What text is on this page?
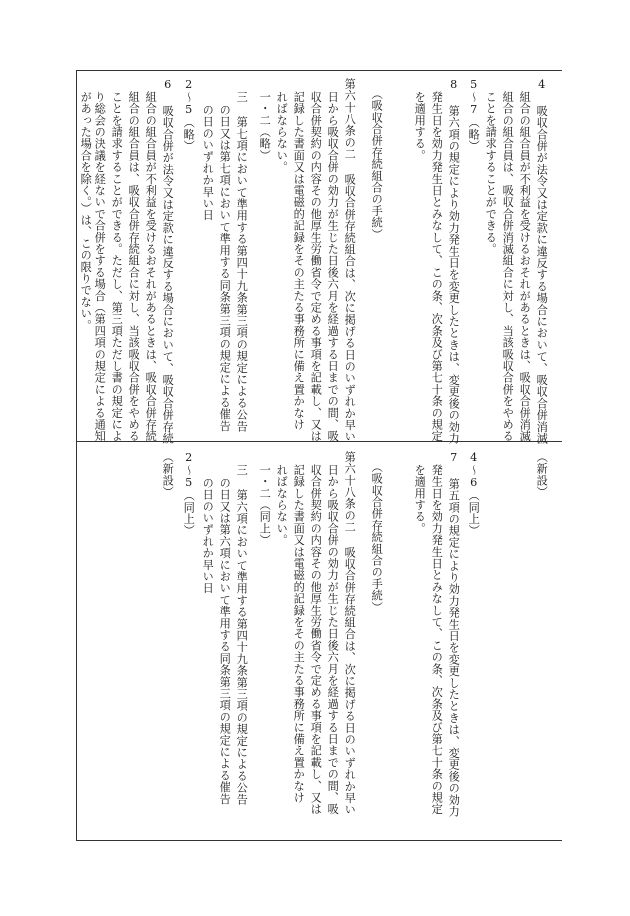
4 吸収合併が法令又は定款に違反する場合において、吸収合併消滅
組合の組合員が不利益を受けるおそれがあるときは、吸収合併消滅
組合の組合員は、吸収合併消滅組合に対し、当該吸収合併をやめる
ことを請求することができる。
5～7（略）
8 第六項の規定により効力発生日を変更したときは、変更後の効力
発生日を効力発生日とみなして、この条、次条及び第七十条の規定
を適用する。
（吸収合併存続組合の手続）
第六十八条の二 吸収合併存続組合は、次に掲げる日のいずれか早い
日から吸収合併の効力が生じた日後六月を経過する日までの間、吸
収合併契約の内容その他厚生労働省令で定める事項を記載し、又は
記録した書面又は電磁的記録をその主たる事務所に備え置かなけ
ればならない。
一・二（略）
三 第七項において準用する第四十九条第三項の規定による公告
の日又は第七項において準用する同条第三項の規定による催告
の日のいずれか早い日
2～5（略）
6 吸収合併が法令又は定款に違反する場合において、吸収合併存続
組合の組合員が不利益を受けるおそれがあるときは、吸収合併存続
組合の組合員は、吸収合併存続組合に対し、当該吸収合併をやめる
ことを請求することができる。ただし、第三項ただし書の規定によ
り総会の決議を経ないで合併をする場合（第四項の規定による通知
があった場合を除く。）は、この限りでない。
（新設）
4～6（同上）
7 第五項の規定により効力発生日を変更したときは、変更後の効力
発生日を効力発生日とみなして、この条、次条及び第七十条の規定
を適用する。
（吸収合併存続組合の手続）
第六十八条の二 吸収合併存続組合は、次に掲げる日のいずれか早い
日から吸収合併の効力が生じた日後六月を経過する日までの間、吸
収合併契約の内容その他厚生労働省令で定める事項を記載し、又は
記録した書面又は電磁的記録をその主たる事務所に備え置かなけ
ればならない。
一・二（同上）
三 第六項において準用する第四十九条第三項の規定による公告
の日又は第六項において準用する同条第三項の規定による催告
の日のいずれか早い日
2～5（同上）
（新設）
